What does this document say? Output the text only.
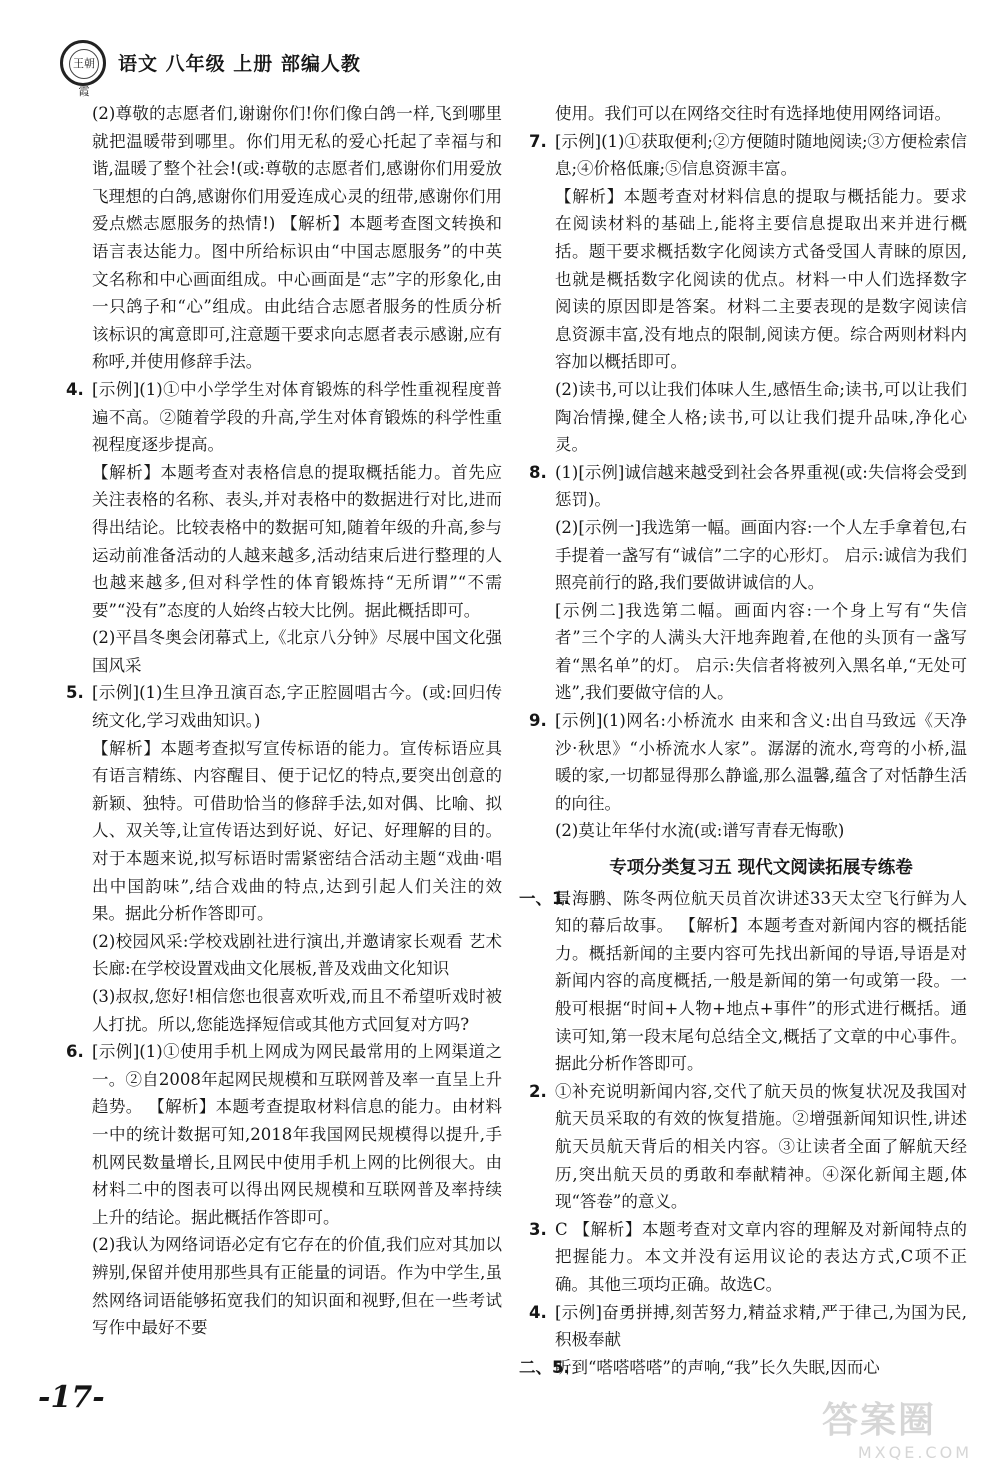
王朝霞
语文 八年级 上册 部编人教
(2)尊敬的志愿者们,谢谢你们!你们像白鸽一样,飞到哪里就把温暖带到哪里。你们用无私的爱心托起了幸福与和谐,温暖了整个社会!(或:尊敬的志愿者们,感谢你们用爱放飞理想的白鸽,感谢你们用爱连成心灵的纽带,感谢你们用爱点燃志愿服务的热情!) 【解析】本题考查图文转换和语言表达能力。图中所给标识由“中国志愿服务”的中英文名称和中心画面组成。中心画面是“志”字的形象化,由一只鸽子和“心”组成。由此结合志愿者服务的性质分析该标识的寓意即可,注意题干要求向志愿者表示感谢,应有称呼,并使用修辞手法。
4. [示例](1)①中小学学生对体育锻炼的科学性重视程度普遍不高。②随着学段的升高,学生对体育锻炼的科学性重视程度逐步提高。
【解析】本题考查对表格信息的提取概括能力。首先应关注表格的名称、表头,并对表格中的数据进行对比,进而得出结论。比较表格中的数据可知,随着年级的升高,参与运动前准备活动的人越来越多,活动结束后进行整理的人也越来越多,但对科学性的体育锻炼持“无所谓”“不需要”“没有”态度的人始终占较大比例。据此概括即可。
(2)平昌冬奥会闭幕式上,《北京八分钟》尽展中国文化强国风采
5. [示例](1)生旦净丑演百态,字正腔圆唱古今。(或:回归传统文化,学习戏曲知识。)
【解析】本题考查拟写宣传标语的能力。宣传标语应具有语言精练、内容醒目、便于记忆的特点,要突出创意的新颖、独特。可借助恰当的修辞手法,如对偶、比喻、拟人、双关等,让宣传语达到好说、好记、好理解的目的。对于本题来说,拟写标语时需紧密结合活动主题“戏曲·唱出中国韵味”,结合戏曲的特点,达到引起人们关注的效果。据此分析作答即可。
(2)校园风采:学校戏剧社进行演出,并邀请家长观看 艺术长廊:在学校设置戏曲文化展板,普及戏曲文化知识
(3)叔叔,您好!相信您也很喜欢听戏,而且不希望听戏时被人打扰。所以,您能选择短信或其他方式回复对方吗?
6. [示例](1)①使用手机上网成为网民最常用的上网渠道之一。②自2008年起网民规模和互联网普及率一直呈上升趋势。 【解析】本题考查提取材料信息的能力。由材料一中的统计数据可知,2018年我国网民规模得以提升,手机网民数量增长,且网民中使用手机上网的比例很大。由材料二中的图表可以得出网民规模和互联网普及率持续上升的结论。据此概括作答即可。
(2)我认为网络词语必定有它存在的价值,我们应对其加以辨别,保留并使用那些具有正能量的词语。作为中学生,虽然网络词语能够拓宽我们的知识面和视野,但在一些考试写作中最好不要
使用。我们可以在网络交往时有选择地使用网络词语。
7. [示例](1)①获取便利;②方便随时随地阅读;③方便检索信息;④价格低廉;⑤信息资源丰富。
【解析】本题考查对材料信息的提取与概括能力。要求在阅读材料的基础上,能将主要信息提取出来并进行概括。题干要求概括数字化阅读方式备受国人青睐的原因,也就是概括数字化阅读的优点。材料一中人们选择数字阅读的原因即是答案。材料二主要表现的是数字阅读信息资源丰富,没有地点的限制,阅读方便。综合两则材料内容加以概括即可。
(2)读书,可以让我们体味人生,感悟生命;读书,可以让我们陶冶情操,健全人格;读书,可以让我们提升品味,净化心灵。
8. (1)[示例]诚信越来越受到社会各界重视(或:失信将会受到惩罚)。
(2)[示例一]我选第一幅。画面内容:一个人左手拿着包,右手提着一盏写有“诚信”二字的心形灯。 启示:诚信为我们照亮前行的路,我们要做讲诚信的人。
[示例二]我选第二幅。画面内容:一个身上写有“失信者”三个字的人满头大汗地奔跑着,在他的头顶有一盏写着“黑名单”的灯。 启示:失信者将被列入黑名单,“无处可逃”,我们要做守信的人。
9. [示例](1)网名:小桥流水 由来和含义:出自马致远《天净沙·秋思》“小桥流水人家”。潺潺的流水,弯弯的小桥,温暖的家,一切都显得那么静谧,那么温馨,蕴含了对恬静生活的向往。
(2)莫让年华付水流(或:谱写青春无悔歌)
专项分类复习五 现代文阅读拓展专练卷
一、1.
景海鹏、陈冬两位航天员首次讲述33天太空飞行鲜为人知的幕后故事。 【解析】本题考查对新闻内容的概括能力。概括新闻的主要内容可先找出新闻的导语,导语是对新闻内容的高度概括,一般是新闻的第一句或第一段。一般可根据“时间+人物+地点+事件”的形式进行概括。通读可知,第一段末尾句总结全文,概括了文章的中心事件。据此分析作答即可。
2. ①补充说明新闻内容,交代了航天员的恢复状况及我国对航天员采取的有效的恢复措施。②增强新闻知识性,讲述航天员航天背后的相关内容。③让读者全面了解航天经历,突出航天员的勇敢和奉献精神。④深化新闻主题,体现“答卷”的意义。
3. C 【解析】本题考查对文章内容的理解及对新闻特点的把握能力。本文并没有运用议论的表达方式,C项不正确。其他三项均正确。故选C。
4. [示例]奋勇拼搏,刻苦努力,精益求精,严于律己,为国为民,积极奉献
二、5.
听到“嗒嗒嗒嗒”的声响,“我”长久失眠,因而心
-17-
答案圈
MXQE.COM
